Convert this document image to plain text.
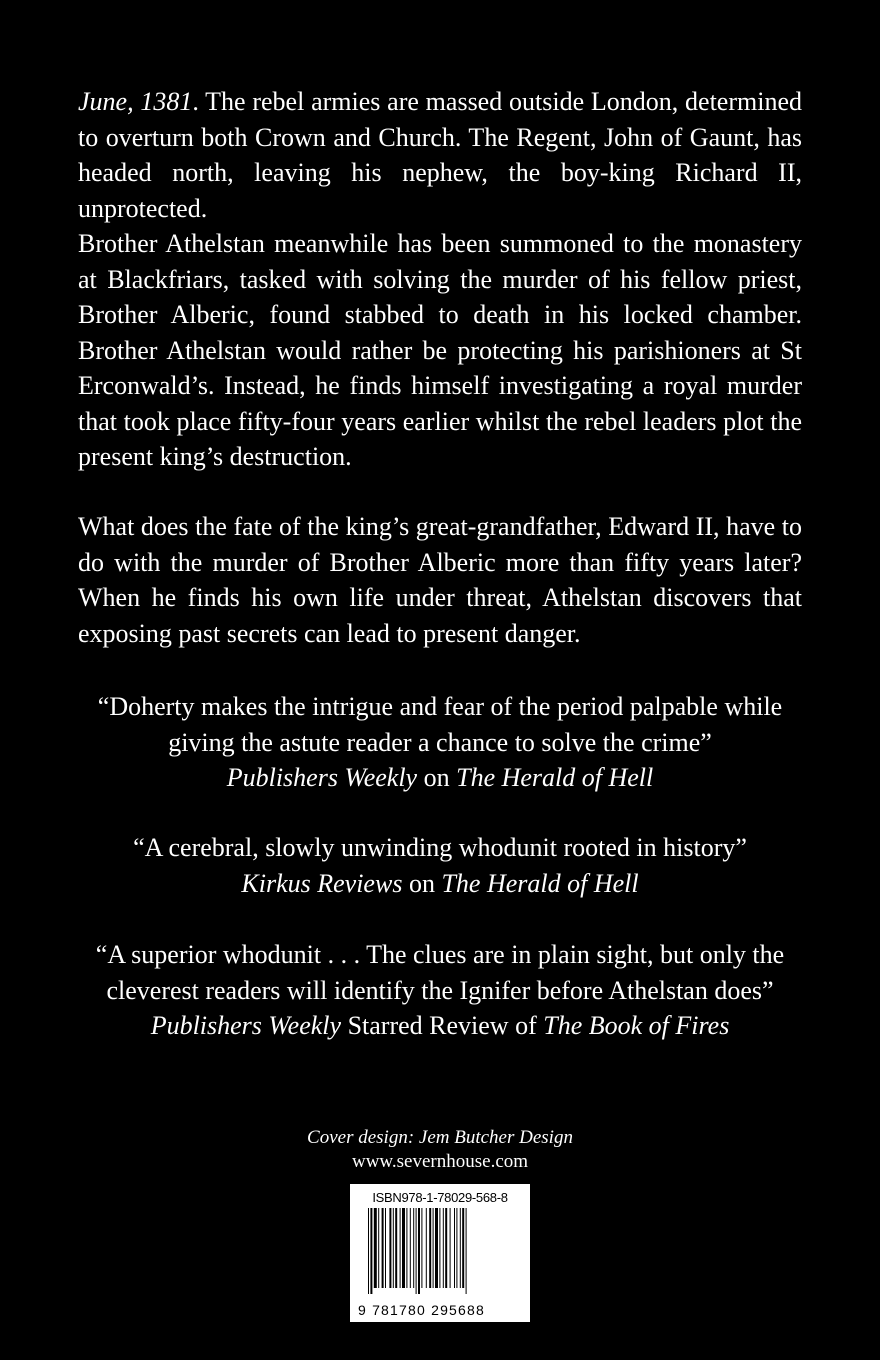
June, 1381. The rebel armies are massed outside London, determined to overturn both Crown and Church. The Regent, John of Gaunt, has headed north, leaving his nephew, the boy-king Richard II, unprotected.

Brother Athelstan meanwhile has been summoned to the monastery at Blackfriars, tasked with solving the murder of his fellow priest, Brother Alberic, found stabbed to death in his locked chamber. Brother Athelstan would rather be protecting his parishioners at St Erconwald’s. Instead, he finds himself investigating a royal murder that took place fifty-four years earlier whilst the rebel leaders plot the present king’s destruction.

What does the fate of the king’s great-grandfather, Edward II, have to do with the murder of Brother Alberic more than fifty years later? When he finds his own life under threat, Athelstan discovers that exposing past secrets can lead to present danger.

“Doherty makes the intrigue and fear of the period palpable while
giving the astute reader a chance to solve the crime”
Publishers Weekly on The Herald of Hell
“A cerebral, slowly unwinding whodunit rooted in history”
Kirkus Reviews on The Herald of Hell
“A superior whodunit . . . The clues are in plain sight, but only the
cleverest readers will identify the Ignifer before Athelstan does”
Publishers Weekly Starred Review of The Book of Fires
Cover design: Jem Butcher Design
www.severnhouse.com
ISBN978-1-78029-568-8
9 781780 295688
